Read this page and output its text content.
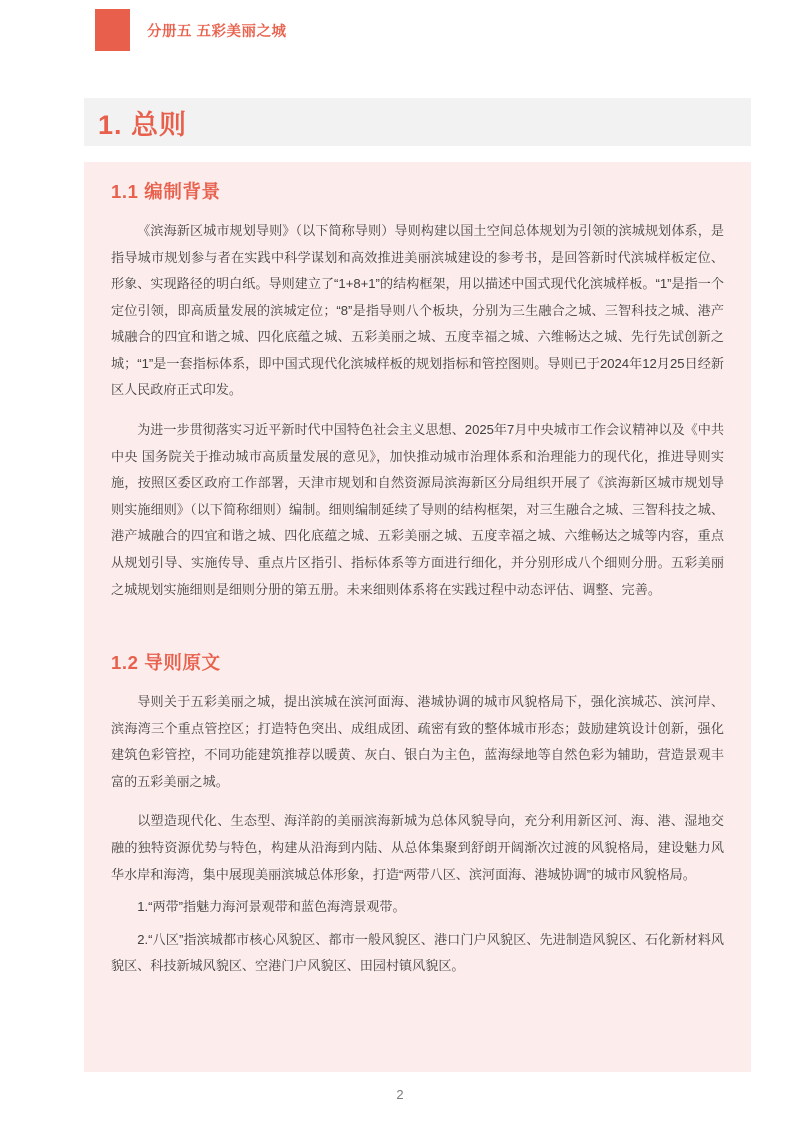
分册五 五彩美丽之城
1. 总则
1.1 编制背景

《滨海新区城市规划导则》（以下简称导则）导则构建以国土空间总体规划为引领的滨城规划体系，是指导城市规划参与者在实践中科学谋划和高效推进美丽滨城建设的参考书，是回答新时代滨城样板定位、形象、实现路径的明白纸。导则建立了“1+8+1”的结构框架，用以描述中国式现代化滨城样板。“1”是指一个定位引领，即高质量发展的滨城定位；“8”是指导则八个板块，分别为三生融合之城、三智科技之城、港产城融合的四宜和谐之城、四化底蕴之城、五彩美丽之城、五度幸福之城、六维畅达之城、先行先试创新之城；“1”是一套指标体系，即中国式现代化滨城样板的规划指标和管控图则。导则已于2024年12月25日经新区人民政府正式印发。

为进一步贯彻落实习近平新时代中国特色社会主义思想、2025年7月中央城市工作会议精神以及《中共中央 国务院关于推动城市高质量发展的意见》，加快推动城市治理体系和治理能力的现代化，推进导则实施，按照区委区政府工作部署，天津市规划和自然资源局滨海新区分局组织开展了《滨海新区城市规划导则实施细则》（以下简称细则）编制。细则编制延续了导则的结构框架，对三生融合之城、三智科技之城、港产城融合的四宜和谐之城、四化底蕴之城、五彩美丽之城、五度幸福之城、六维畅达之城等内容，重点从规划引导、实施传导、重点片区指引、指标体系等方面进行细化，并分别形成八个细则分册。五彩美丽之城规划实施细则是细则分册的第五册。未来细则体系将在实践过程中动态评估、调整、完善。

1.2 导则原文

导则关于五彩美丽之城，提出滨城在滨河面海、港城协调的城市风貌格局下，强化滨城芯、滨河岸、滨海湾三个重点管控区；打造特色突出、成组成团、疏密有致的整体城市形态；鼓励建筑设计创新，强化建筑色彩管控，不同功能建筑推荐以暖黄、灰白、银白为主色，蓝海绿地等自然色彩为辅助，营造景观丰富的五彩美丽之城。

以塑造现代化、生态型、海洋韵的美丽滨海新城为总体风貌导向，充分利用新区河、海、港、湿地交融的独特资源优势与特色，构建从沿海到内陆、从总体集聚到舒朗开阔渐次过渡的风貌格局，建设魅力风华水岸和海湾，集中展现美丽滨城总体形象，打造“两带八区、滨河面海、港城协调”的城市风貌格局。

1.“两带”指魅力海河景观带和蓝色海湾景观带。

2.“八区”指滨城都市核心风貌区、都市一般风貌区、港口门户风貌区、先进制造风貌区、石化新材料风貌区、科技新城风貌区、空港门户风貌区、田园村镇风貌区。

2
